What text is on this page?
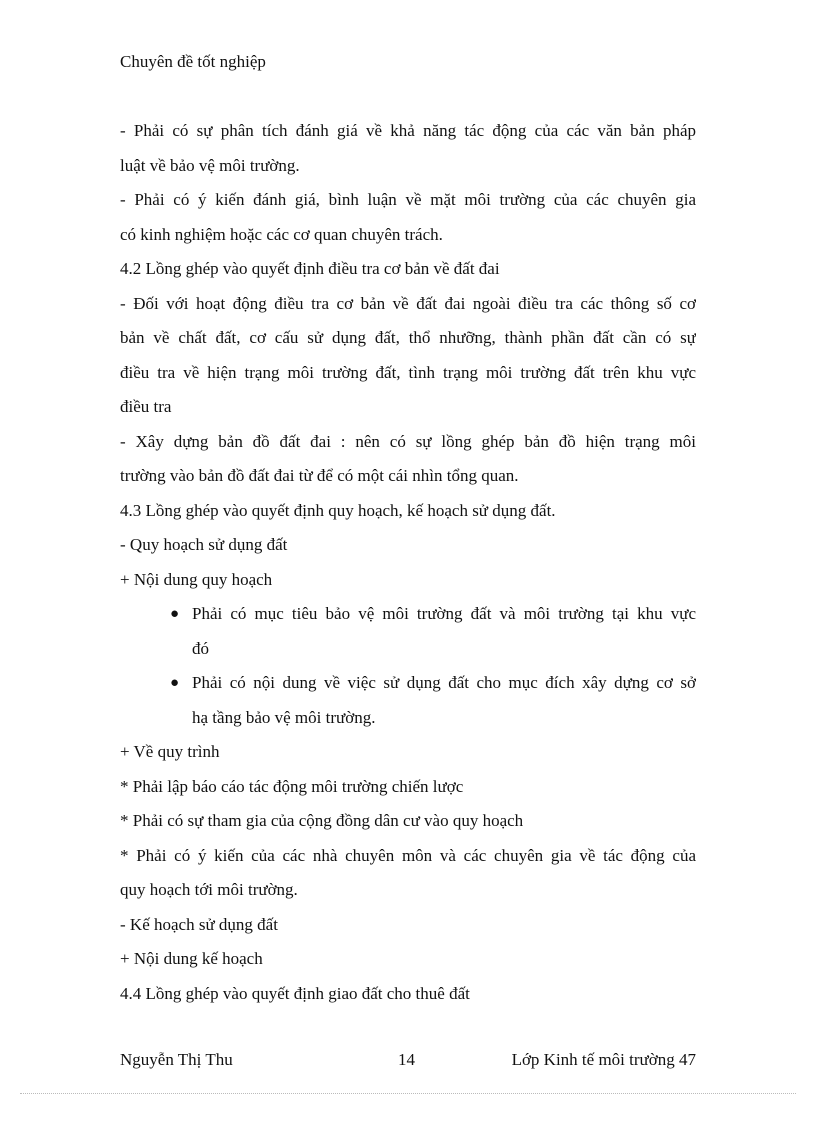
Chuyên đề tốt nghiệp
- Phải có sự phân tích đánh giá về khả năng tác động của các văn bản pháp
luật về bảo vệ môi trường.
- Phải có ý kiến đánh giá, bình luận về mặt môi trường của các chuyên gia
có kinh nghiệm hoặc các cơ quan chuyên trách.
4.2 Lồng ghép vào quyết định điều tra cơ bản về đất đai
- Đối với hoạt động điều tra cơ bản về đất đai ngoài điều tra các thông số cơ
bản về chất đất, cơ cấu sử dụng đất, thổ nhưỡng, thành phần đất cần có sự
điều tra về hiện trạng môi trường đất, tình trạng môi trường đất trên khu vực
điều tra
- Xây dựng bản đồ đất đai : nên có sự lồng ghép bản đồ hiện trạng môi
trường vào bản đồ đất đai từ để có một cái nhìn tổng quan.
4.3 Lồng ghép vào quyết định quy hoạch, kế hoạch sử dụng đất.
- Quy hoạch sử dụng đất
+ Nội dung quy hoạch
● Phải có mục tiêu bảo vệ môi trường đất và môi trường tại khu vực
đó
● Phải có nội dung về việc sử dụng đất cho mục đích xây dựng cơ sở
hạ tầng bảo vệ môi trường.
+ Về quy trình
* Phải lập báo cáo tác động môi trường chiến lược
* Phải có sự tham gia của cộng đồng dân cư vào quy hoạch
* Phải có ý kiến của các nhà chuyên môn và các chuyên gia về tác động của
quy hoạch tới môi trường.
- Kế hoạch sử dụng đất
+ Nội dung kế hoạch
4.4 Lồng ghép vào quyết định giao đất cho thuê đất
Nguyễn Thị Thu	14	Lớp Kinh tế môi trường 47
